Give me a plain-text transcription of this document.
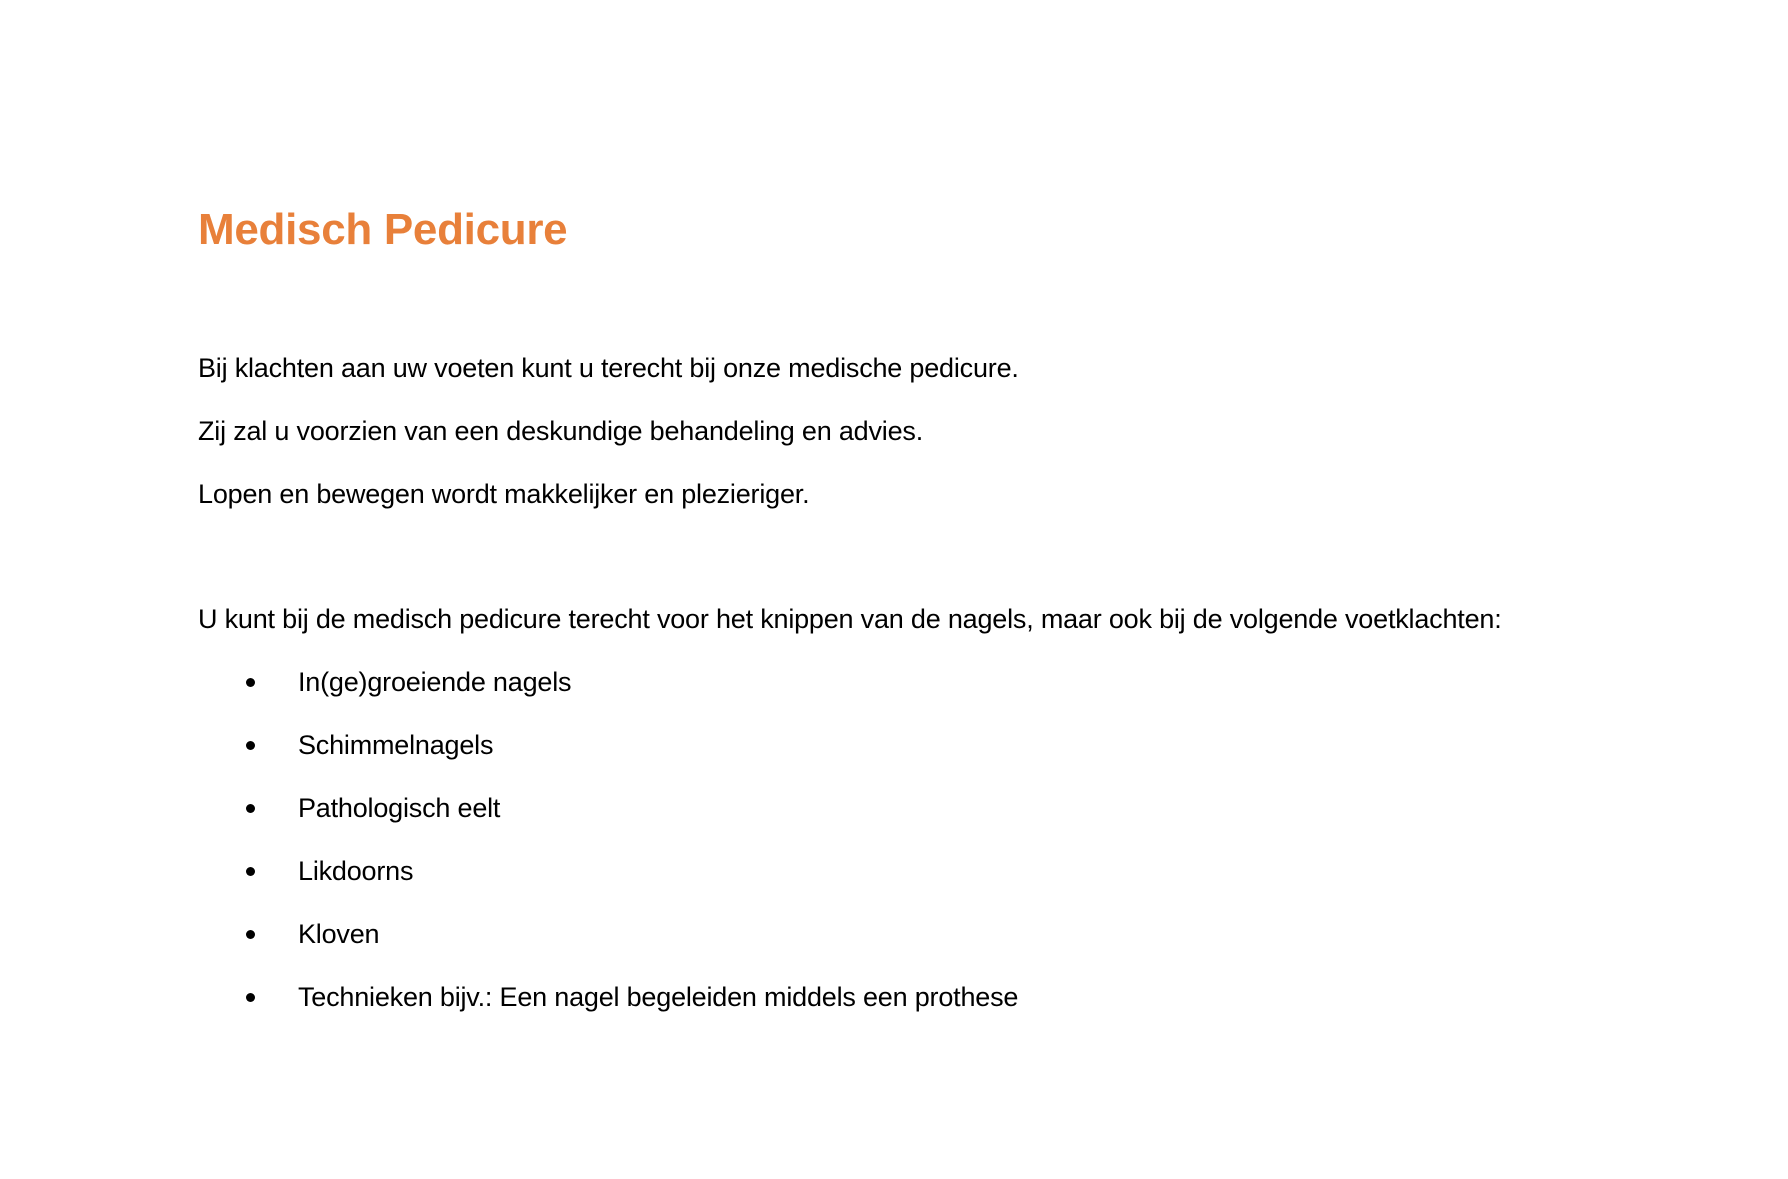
Medisch Pedicure

Bij klachten aan uw voeten kunt u terecht bij onze medische pedicure.

Zij zal u voorzien van een deskundige behandeling en advies.

Lopen en bewegen wordt makkelijker en plezieriger.

U kunt bij de medisch pedicure terecht voor het knippen van de nagels, maar ook bij de volgende voetklachten:

In(ge)groeiende nagels
Schimmelnagels
Pathologisch eelt
Likdoorns
Kloven
Technieken bijv.: Een nagel begeleiden middels een prothese
